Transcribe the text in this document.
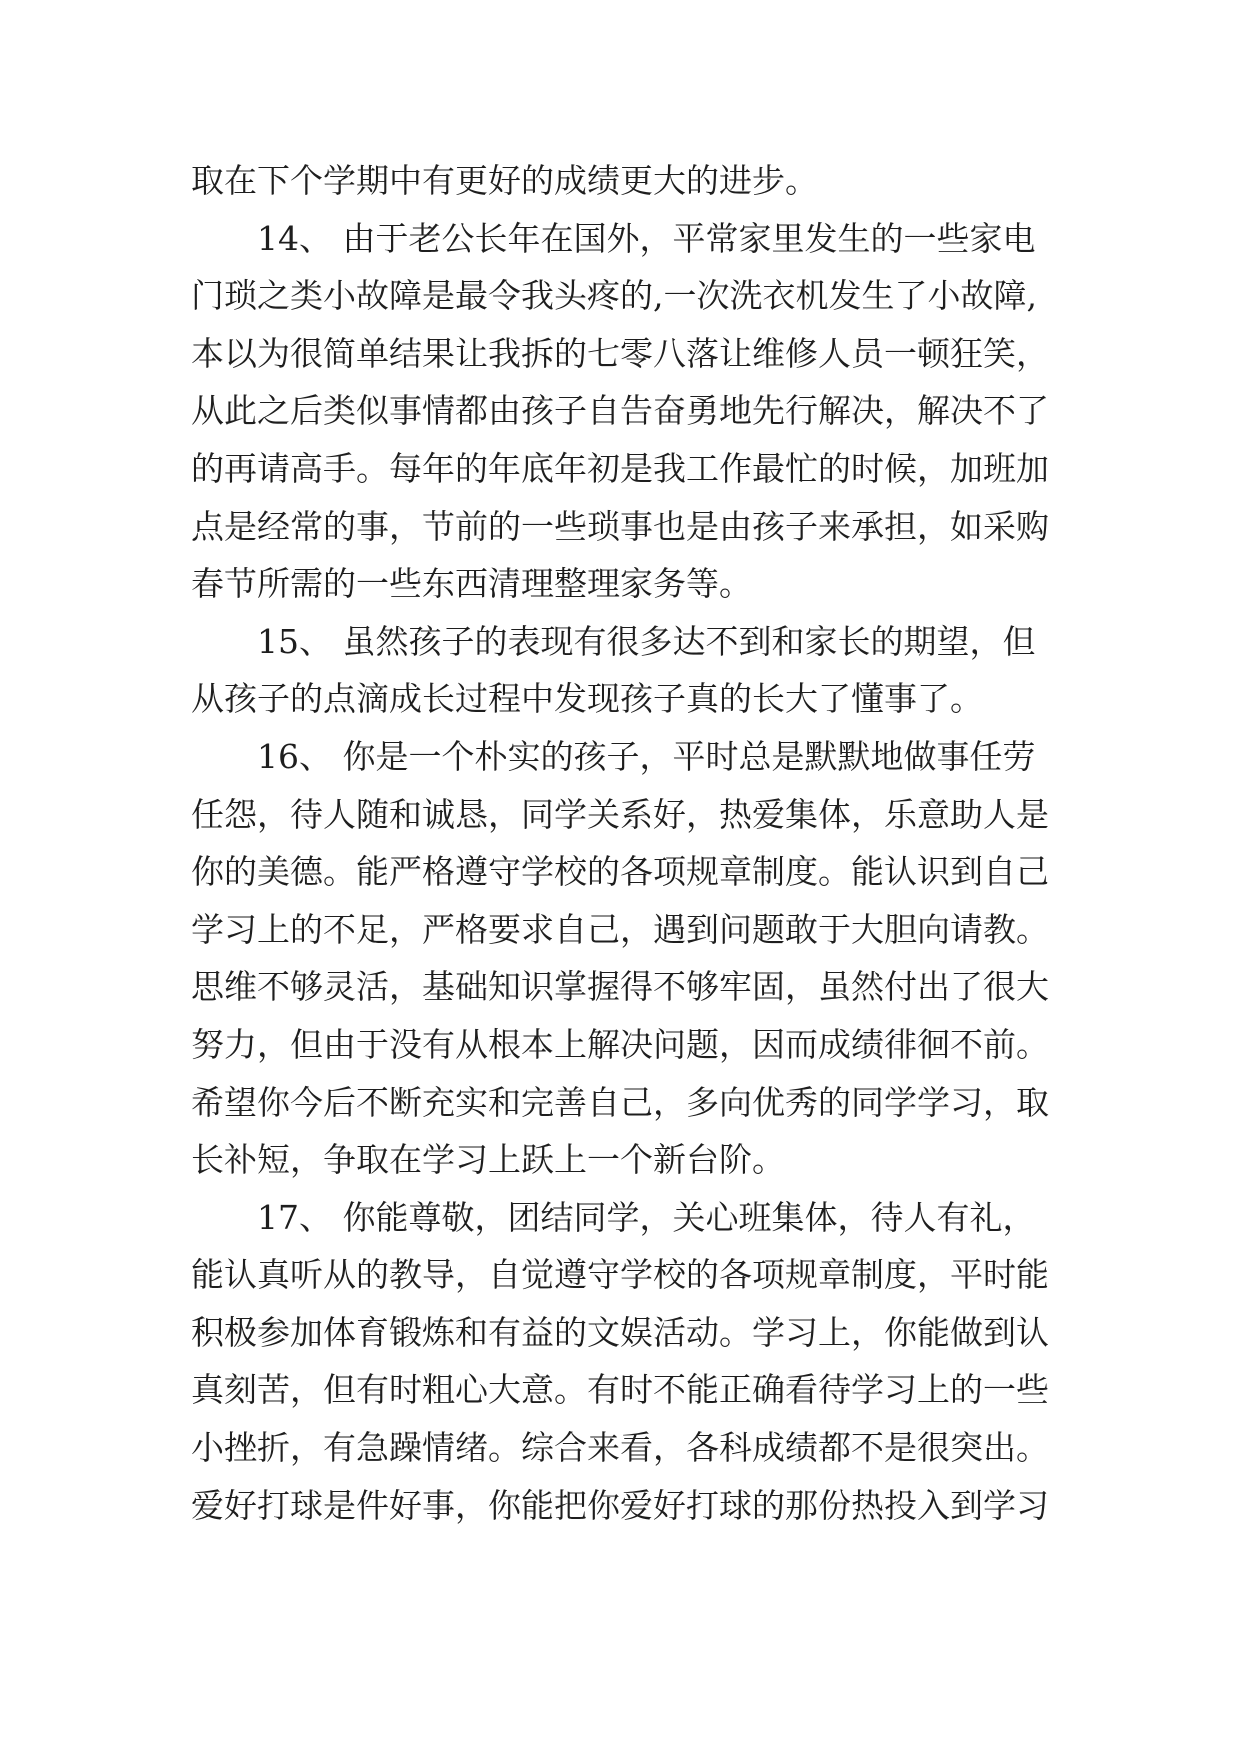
取在下个学期中有更好的成绩更大的进步。
14、 由于老公长年在国外，平常家里发生的一些家电
门琐之类小故障是最令我头疼的,一次洗衣机发生了小故障,
本以为很简单结果让我拆的七零八落让维修人员一顿狂笑，
从此之后类似事情都由孩子自告奋勇地先行解决，解决不了
的再请高手。每年的年底年初是我工作最忙的时候，加班加
点是经常的事，节前的一些琐事也是由孩子来承担，如采购
春节所需的一些东西清理整理家务等。
15、 虽然孩子的表现有很多达不到和家长的期望，但
从孩子的点滴成长过程中发现孩子真的长大了懂事了。
16、 你是一个朴实的孩子，平时总是默默地做事任劳
任怨，待人随和诚恳，同学关系好，热爱集体，乐意助人是
你的美德。能严格遵守学校的各项规章制度。能认识到自己
学习上的不足，严格要求自己，遇到问题敢于大胆向请教。
思维不够灵活，基础知识掌握得不够牢固，虽然付出了很大
努力，但由于没有从根本上解决问题，因而成绩徘徊不前。
希望你今后不断充实和完善自己，多向优秀的同学学习，取
长补短，争取在学习上跃上一个新台阶。
17、 你能尊敬，团结同学，关心班集体，待人有礼，
能认真听从的教导，自觉遵守学校的各项规章制度，平时能
积极参加体育锻炼和有益的文娱活动。学习上，你能做到认
真刻苦，但有时粗心大意。有时不能正确看待学习上的一些
小挫折，有急躁情绪。综合来看，各科成绩都不是很突出。
爱好打球是件好事，你能把你爱好打球的那份热投入到学习
